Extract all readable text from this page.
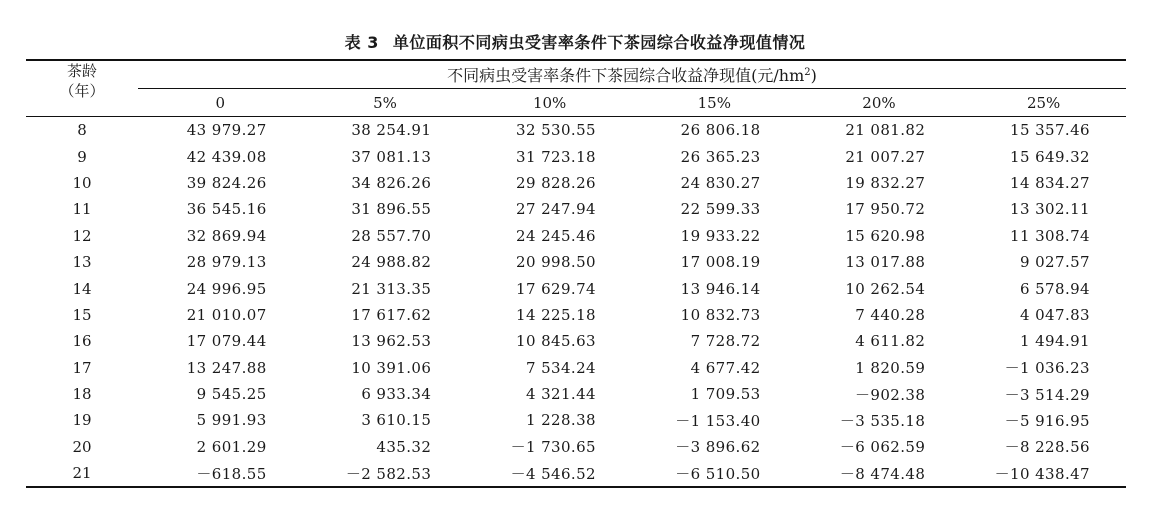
表 3 单位面积不同病虫受害率条件下茶园综合收益净现值情况
茶龄
（年）	不同病虫受害率条件下茶园综合收益净现值(元$/hm^2$)					
	0	5%	10%	15%	20%	25%
8	43 979.27	38 254.91	32 530.55	26 806.18	21 081.82	15 357.46
9	42 439.08	37 081.13	31 723.18	26 365.23	21 007.27	15 649.32
10	39 824.26	34 826.26	29 828.26	24 830.27	19 832.27	14 834.27
11	36 545.16	31 896.55	27 247.94	22 599.33	17 950.72	13 302.11
12	32 869.94	28 557.70	24 245.46	19 933.22	15 620.98	11 308.74
13	28 979.13	24 988.82	20 998.50	17 008.19	13 017.88	9 027.57
14	24 996.95	21 313.35	17 629.74	13 946.14	10 262.54	6 578.94
15	21 010.07	17 617.62	14 225.18	10 832.73	7 440.28	4 047.83
16	17 079.44	13 962.53	10 845.63	7 728.72	4 611.82	1 494.91
17	13 247.88	10 391.06	7 534.24	4 677.42	1 820.59	－1 036.23
18	9 545.25	6 933.34	4 321.44	1 709.53	－902.38	－3 514.29
19	5 991.93	3 610.15	1 228.38	－1 153.40	－3 535.18	－5 916.95
20	2 601.29	435.32	－1 730.65	－3 896.62	－6 062.59	－8 228.56
21	－618.55	－2 582.53	－4 546.52	－6 510.50	－8 474.48	－10 438.47
